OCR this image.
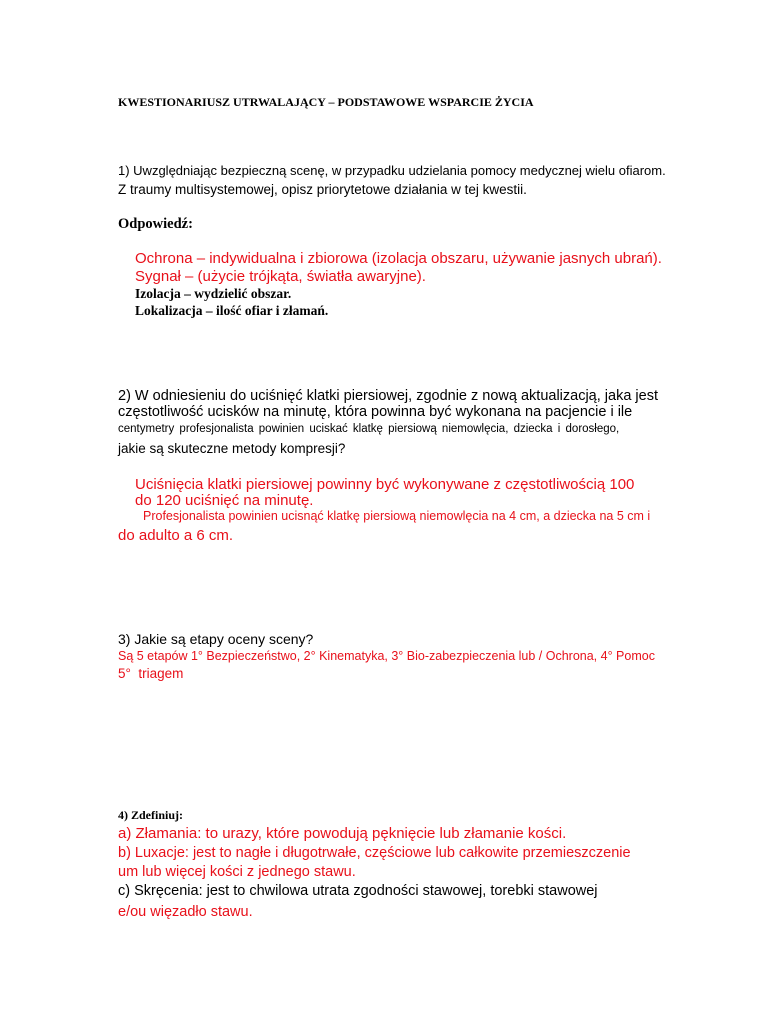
KWESTIONARIUSZ UTRWALAJĄCY – PODSTAWOWE WSPARCIE ŻYCIA
1) Uwzględniając bezpieczną scenę, w przypadku udzielania pomocy medycznej wielu ofiarom.
Z traumy multisystemowej, opisz priorytetowe działania w tej kwestii.
Odpowiedź:
Ochrona – indywidualna i zbiorowa (izolacja obszaru, używanie jasnych ubrań).
Sygnał – (użycie trójkąta, światła awaryjne).
Izolacja – wydzielić obszar.
Lokalizacja – ilość ofiar i złamań.
2) W odniesieniu do uciśnięć klatki piersiowej, zgodnie z nową aktualizacją, jaka jest
częstotliwość ucisków na minutę, która powinna być wykonana na pacjencie i ile
centymetry profesjonalista powinien uciskać klatkę piersiową niemowlęcia, dziecka i dorosłego,
jakie są skuteczne metody kompresji?
Uciśnięcia klatki piersiowej powinny być wykonywane z częstotliwością 100
do 120 uciśnięć na minutę.
Profesjonalista powinien ucisnąć klatkę piersiową niemowlęcia na 4 cm, a dziecka na 5 cm i
do adulto a 6 cm.
3) Jakie są etapy oceny sceny?
Są 5 etapów 1° Bezpieczeństwo, 2° Kinematyka, 3° Bio-zabezpieczenia lub / Ochrona, 4° Pomoc
5°  triagem
4) Zdefiniuj:
a) Złamania: to urazy, które powodują pęknięcie lub złamanie kości.
b) Luxacje: jest to nagłe i długotrwałe, częściowe lub całkowite przemieszczenie
um lub więcej kości z jednego stawu.
c) Skręcenia: jest to chwilowa utrata zgodności stawowej, torebki stawowej
e/ou więzadło stawu.
